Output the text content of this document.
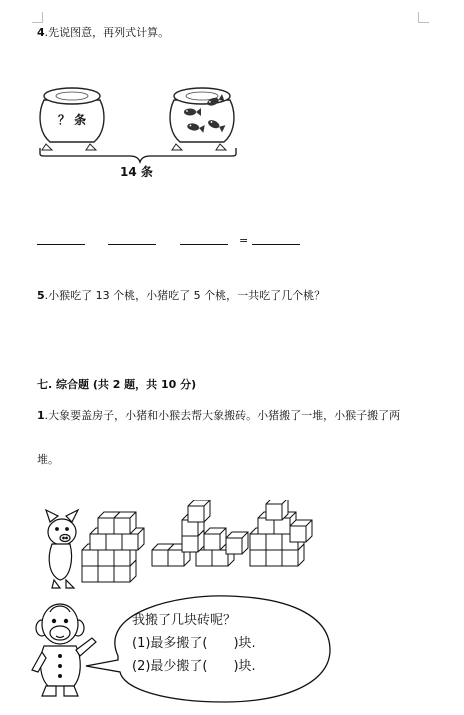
4.先说图意，再列式计算。
？ 条
14 条
=
5.小猴吃了 13 个桃，小猪吃了 5 个桃，一共吃了几个桃？
七. 综合题 (共 2 题，共 10 分)
1.大象要盖房子，小猪和小猴去帮大象搬砖。小猪搬了一堆，小猴子搬了两
堆。
我搬了几块砖呢？
(1)最多搬了(　　)块.
(2)最少搬了(　　)块.
